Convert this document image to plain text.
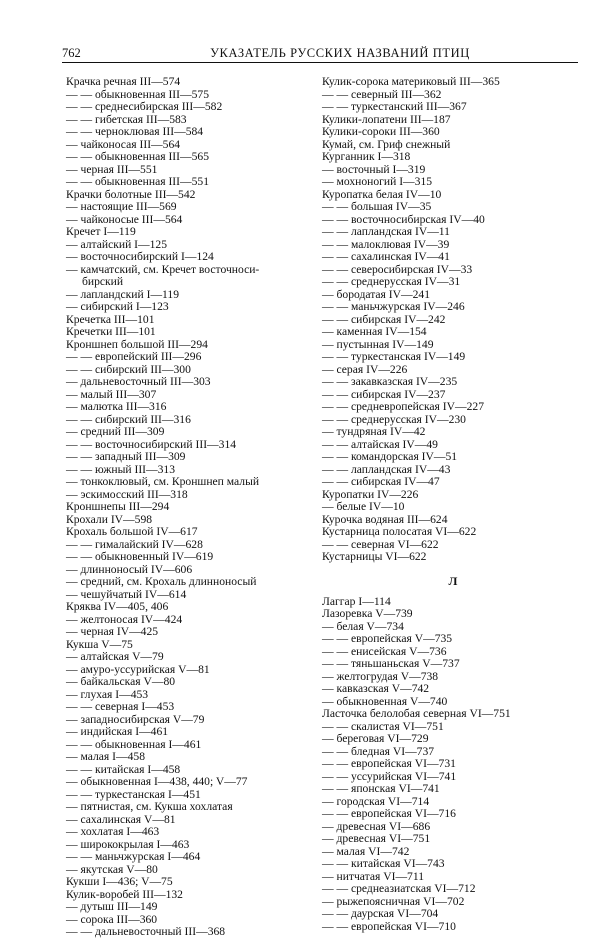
762	УКАЗАТЕЛЬ РУССКИХ НАЗВАНИЙ ПТИЦ
Крачка речная III—574
— — обыкновенная III—575
— — среднесибирская III—582
— — гибетская III—583
— — черноклювая III—584
— чайконосая III—564
— — обыкновенная III—565
— черная III—551
— — обыкновенная III—551
Крачки болотные III—542
— настоящие III—569
— чайконосые III—564
Кречет I—119
— алтайский I—125
— восточносибирский I—124
— камчатский, см. Кречет восточноси-
бирский
— лапландский I—119
— сибирский I—123
Кречетка III—101
Кречетки III—101
Кроншнеп большой III—294
— — европейский III—296
— — сибирский III—300
— дальневосточный III—303
— малый III—307
— малютка III—316
— — сибирский III—316
— средний III—309
— — восточносибирский III—314
— — западный III—309
— — южный III—313
— тонкоклювый, см. Кроншнеп малый
— эскимосский III—318
Кроншнепы III—294
Крохали IV—598
Крохаль большой IV—617
— — гималайский IV—628
— — обыкновенный IV—619
— длинноносый IV—606
— средний, см. Крохаль длинноносый
— чешуйчатый IV—614
Кряква IV—405, 406
— желтоносая IV—424
— черная IV—425
Кукша V—75
— алтайская V—79
— амуро-уссурийская V—81
— байкальская V—80
— глухая I—453
— — северная I—453
— западносибирская V—79
— индийская I—461
— — обыкновенная I—461
— малая I—458
— — китайская I—458
— обыкновенная I—438, 440; V—77
— — туркестанская I—451
— пятнистая, см. Кукша хохлатая
— сахалинская V—81
— хохлатая I—463
— ширококрылая I—463
— — маньчжурская I—464
— якутская V—80
Кукши I—436; V—75
Кулик-воробей III—132
— дутыш III—149
— сорока III—360
— — дальневосточный III—368
Кулик-сорока материковый III—365
— — северный III—362
— — туркестанский III—367
Кулики-лопатени III—187
Кулики-сороки III—360
Кумай, см. Гриф снежный
Курганник I—318
— восточный I—319
— мохноногий I—315
Куропатка белая IV—10
— — большая IV—35
— — восточносибирская IV—40
— — лапландская IV—11
— — малоклювая IV—39
— — сахалинская IV—41
— — североcибирская IV—33
— — среднерусская IV—31
— бородатая IV—241
— — маньчжурская IV—246
— — сибирская IV—242
— каменная IV—154
— пустынная IV—149
— — туркестанская IV—149
— серая IV—226
— — закавказская IV—235
— — сибирская IV—237
— — средневропейская IV—227
— — среднерусская IV—230
— тундряная IV—42
— — алтайская IV—49
— — командорская IV—51
— — лапландская IV—43
— — сибирская IV—47
Куропатки IV—226
— белые IV—10
Курочка водяная III—624
Кустарница полосатая VI—622
— — северная VI—622
Кустарницы VI—622
Л
Лаггар I—114
Лазоревка V—739
— белая V—734
— — европейская V—735
— — енисейская V—736
— — тяньшаньская V—737
— желтогрудая V—738
— кавказская V—742
— обыкновенная V—740
Ласточка белолобая северная VI—751
— — скалистая VI—751
— береговая VI—729
— — бледная VI—737
— — европейская VI—731
— — уссурийская VI—741
— — японская VI—741
— городская VI—714
— — европейская VI—716
— древесная VI—686
— древесная VI—751
— малая VI—742
— — китайская VI—743
— нитчатая VI—711
— — среднеазиатская VI—712
— рыжепоясничная VI—702
— — даурская VI—704
— — европейская VI—710
